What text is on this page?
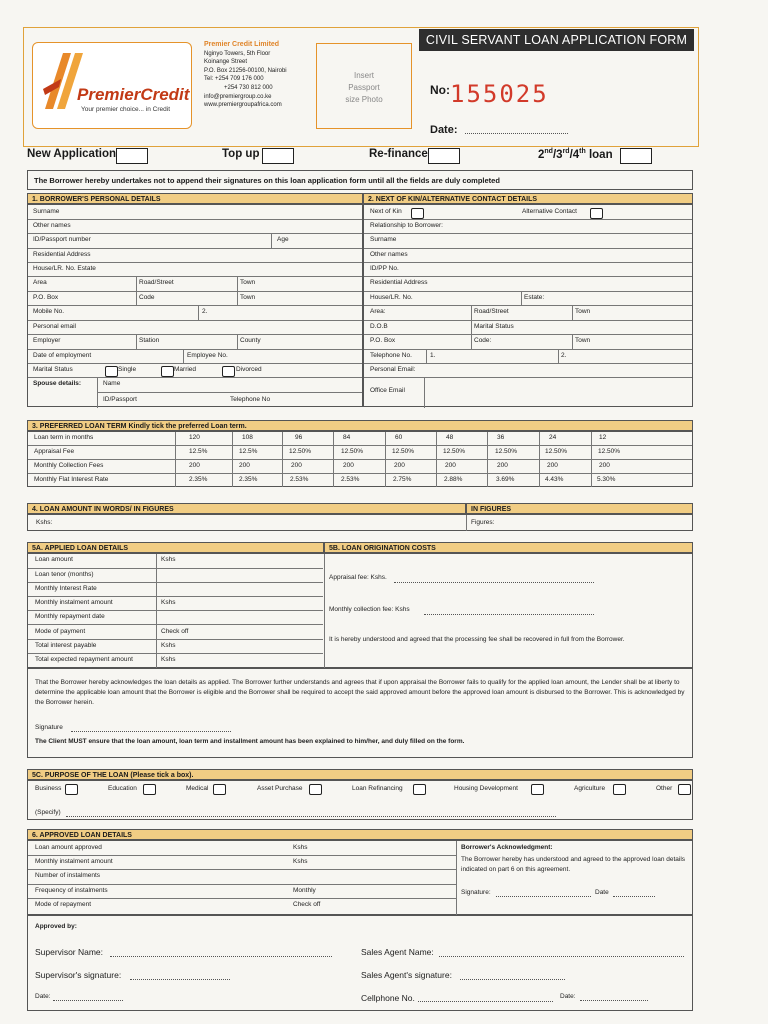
PremierCredit
Your premier choice... in Credit
Premier Credit Limited
Nginyo Towers, 5th Floor
Koinange Street
P.O. Box 21256-00100, Nairobi
Tel: +254 709 176 000
+254 730 812 000
info@premiergroup.co.ke
www.premiergroupafrica.com
Insert
Passport
size Photo
CIVIL SERVANT LOAN APPLICATION FORM
No: 155025
Date:
New Application	Top up	Re-finance	2nd/3rd/4th loan
The Borrower hereby undertakes not to append their signatures on this loan application form until all the fields are duly completed
1. BORROWER'S PERSONAL DETAILS
Surname
Other names
ID/Passport number	Age
Residential Address
House/LR. No. Estate
Area	Road/Street	Town
P.O. Box	Code	Town
Mobile No.	2.
Personal email
Employer	Station	County
Date of employment	Employee No.
Marital Status	Single	Married	Divorced
Spouse details:	Name
ID/Passport	Telephone No
2. NEXT OF KIN/ALTERNATIVE CONTACT DETAILS
Next of Kin	Alternative Contact
Relationship to Borrower:
Surname
Other names
ID/PP No.
Residential Address
House/LR. No.	Estate:
Area:	Road/Street	Town
D.O.B	Marital Status
P.O. Box	Code:	Town
Telephone No.	1.	2.
Personal Email:
Office Email
3. PREFERRED LOAN TERM Kindly tick the preferred Loan term.
Loan term in months	120	108	96	84	60	48	36	24	12
Appraisal Fee	12.5%	12.5%	12.50%	12.50%	12.50%	12.50%	12.50%	12.50%	12.50%
Monthly Collection Fees	200	200	200	200	200	200	200	200	200
Monthly Flat Interest Rate	2.35%	2.35%	2.53%	2.53%	2.75%	2.88%	3.69%	4.43%	5.30%
4. LOAN AMOUNT IN WORDS/ IN FIGURES	IN FIGURES
Kshs:	Figures:
5A. APPLIED LOAN DETAILS	5B. LOAN ORIGINATION COSTS
Loan amount	Kshs
Loan tenor (months)
Monthly Interest Rate
Monthly instalment amount	Kshs
Monthly repayment date
Mode of payment	Check off
Total interest payable	Kshs
Total expected repayment amount	Kshs
Appraisal fee: Kshs.
Monthly collection fee: Kshs
It is hereby understood and agreed that the processing fee shall be recovered in full from the Borrower.
That the Borrower hereby acknowledges the loan details as applied. The Borrower further understands and agrees that if upon appraisal the Borrower fails to qualify for the applied loan amount, the Lender shall be at liberty to determine the applicable loan amount that the Borrower is eligible and the Borrower shall be required to accept the said approved amount before the approved loan amount is disbursed to the Borrower. This is acknowledged by the Borrower herein.
Signature
The Client MUST ensure that the loan amount, loan term and installment amount has been explained to him/her, and duly filled on the form.
5C. PURPOSE OF THE LOAN (Please tick a box).
Business	Education	Medical	Asset Purchase	Loan Refinancing	Housing Development	Agriculture	Other
(Specify)
6. APPROVED LOAN DETAILS
Loan amount approved	Kshs
Monthly instalment amount	Kshs
Number of instalments
Frequency of instalments	Monthly
Mode of repayment	Check off
Borrower's Acknowledgment:
The Borrower hereby has understood and agreed to the approved loan details indicated on part 6 on this agreement.
Signature:	Date
Approved by:
Supervisor Name:
Supervisor's signature:
Date:
Sales Agent Name:
Sales Agent's signature:
Cellphone No.	Date:
